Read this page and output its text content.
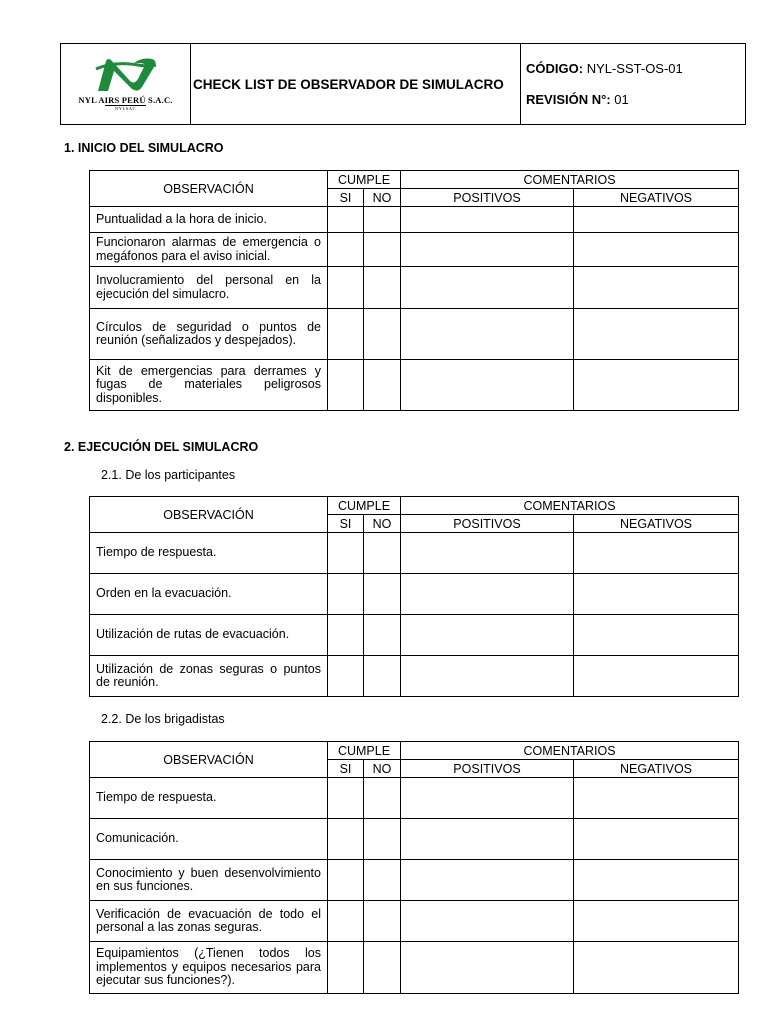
NYL AIRS PERÚ S.A.C.
NYLSAC
CHECK LIST DE OBSERVADOR DE SIMULACRO
CÓDIGO: NYL-SST-OS-01
REVISIÓN N°: 01
1. INICIO DEL SIMULACRO
OBSERVACIÓN	CUMPLE		COMENTARIOS	
	SI	NO	POSITIVOS	NEGATIVOS
Puntualidad a la hora de inicio.				
Funcionaron alarmas de emergencia o megáfonos para el aviso inicial.				
Involucramiento del personal en la ejecución del simulacro.				
Círculos de seguridad o puntos de reunión (señalizados y despejados).				
Kit de emergencias para derrames y fugas de materiales peligrosos disponibles.				
2. EJECUCIÓN DEL SIMULACRO
2.1. De los participantes
OBSERVACIÓN	CUMPLE		COMENTARIOS	
	SI	NO	POSITIVOS	NEGATIVOS
Tiempo de respuesta.				
Orden en la evacuación.				
Utilización de rutas de evacuación.				
Utilización de zonas seguras o puntos de reunión.				
2.2. De los brigadistas
OBSERVACIÓN	CUMPLE		COMENTARIOS	
	SI	NO	POSITIVOS	NEGATIVOS
Tiempo de respuesta.				
Comunicación.				
Conocimiento y buen desenvolvimiento en sus funciones.				
Verificación de evacuación de todo el personal a las zonas seguras.				
Equipamientos (¿Tienen todos los implementos y equipos necesarios para ejecutar sus funciones?).				
